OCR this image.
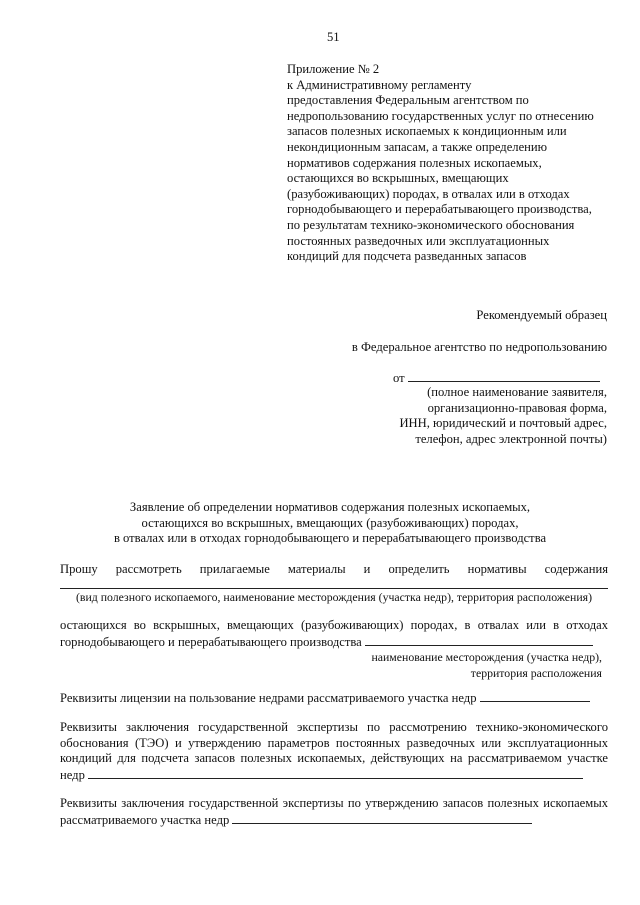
51
Приложение № 2
к Административному регламенту
предоставления Федеральным агентством по
недропользованию государственных услуг по отнесению
запасов полезных ископаемых к кондиционным или
некондиционным запасам, а также определению
нормативов содержания полезных ископаемых,
остающихся во вскрышных, вмещающих
(разубоживающих) породах, в отвалах или в отходах
горнодобывающего и перерабатывающего производства,
по результатам технико-экономического обоснования
постоянных разведочных или эксплуатационных
кондиций для подсчета разведанных запасов
Рекомендуемый образец
в Федеральное агентство по недропользованию
от
(полное наименование заявителя,
организационно-правовая форма,
ИНН, юридический и почтовый адрес,
телефон, адрес электронной почты)
Заявление об определении нормативов содержания полезных ископаемых,
остающихся во вскрышных, вмещающих (разубоживающих) породах,
в отвалах или в отходах горнодобывающего и перерабатывающего производства
Прошу рассмотреть прилагаемые материалы и определить нормативы содержания
(вид полезного ископаемого, наименование месторождения (участка недр), территория расположения)
остающихся во вскрышных, вмещающих (разубоживающих) породах, в отвалах или в отходах
горнодобывающего и перерабатывающего производства
наименование месторождения (участка недр),
территория расположения
Реквизиты лицензии на пользование недрами рассматриваемого участка недр
Реквизиты заключения государственной экспертизы по рассмотрению технико-экономического
обоснования (ТЭО) и утверждению параметров постоянных разведочных или эксплуатационных
кондиций для подсчета запасов полезных ископаемых, действующих на рассматриваемом участке
недр
Реквизиты заключения государственной экспертизы по утверждению запасов полезных ископаемых
рассматриваемого участка недр
